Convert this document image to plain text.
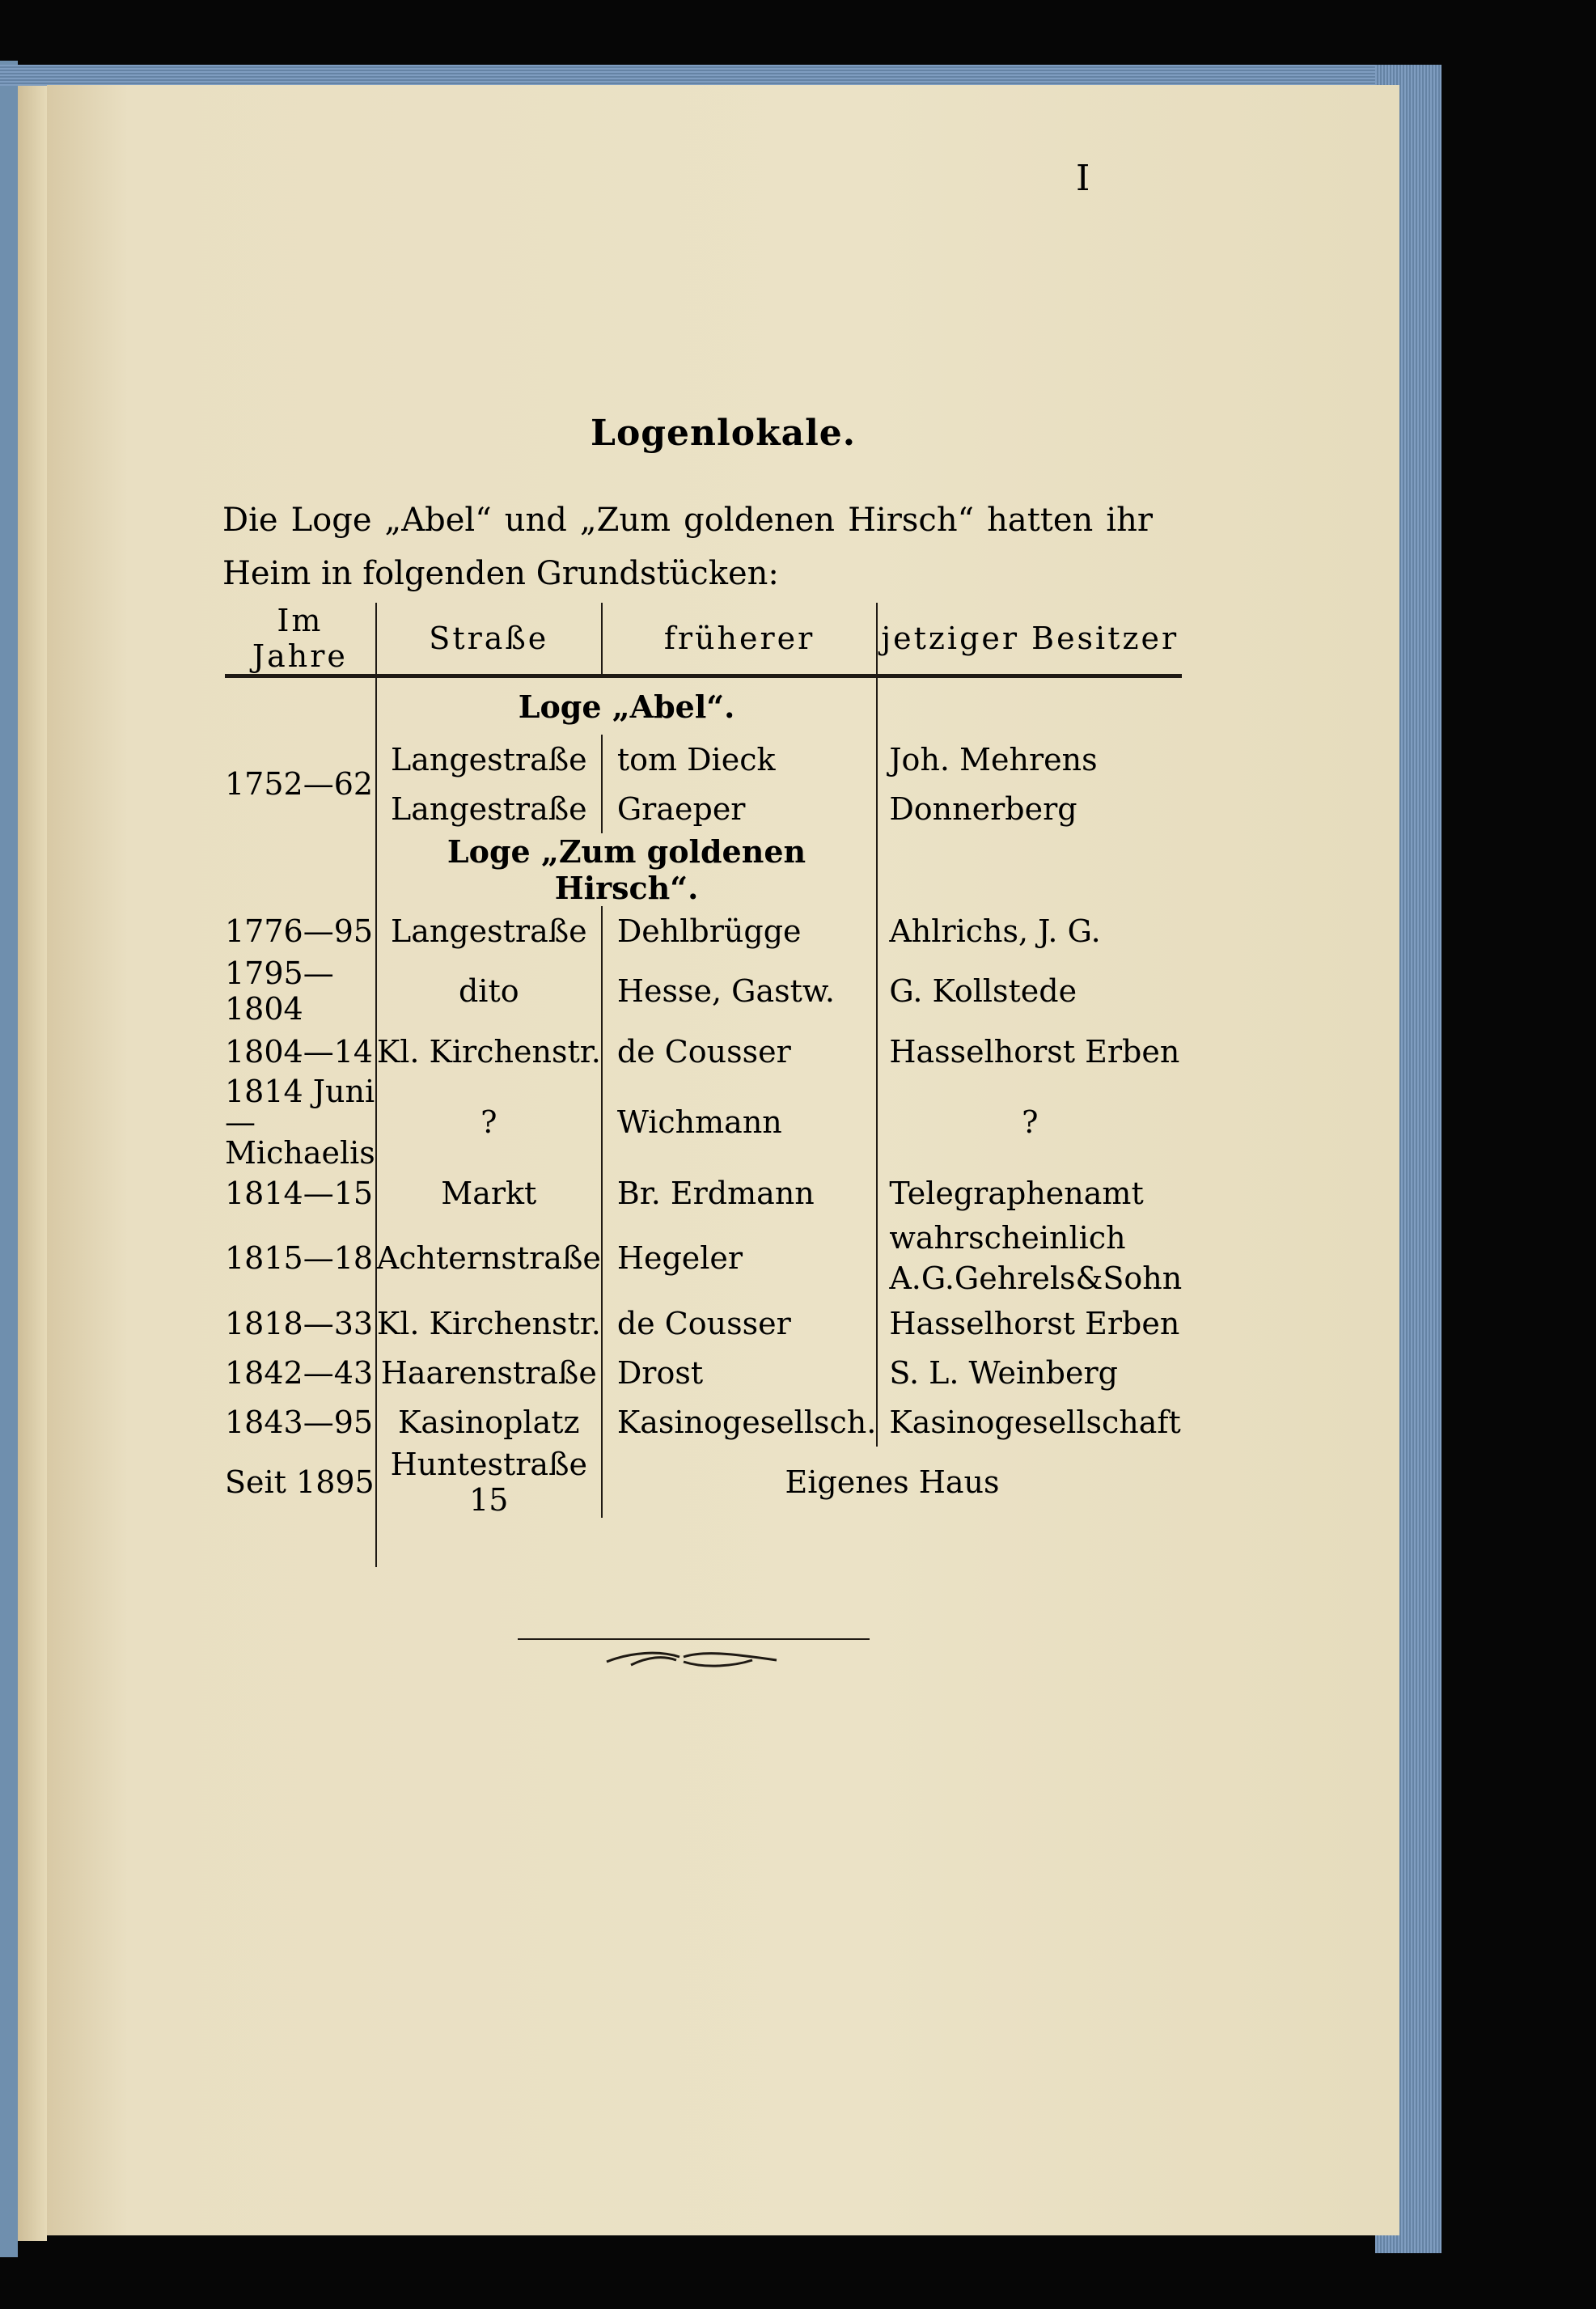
I
Logenlokale.
Die Loge „Abel“ und „Zum goldenen Hirsch“ hatten ihr Heim in folgenden Grundstücken:
Im Jahre	Straße	früherer	jetziger Besitzer
	Loge „Abel“.		
1752—62	Langestraße	tom Dieck	Joh. Mehrens
	Langestraße	Graeper	Donnerberg
	Loge „Zum goldenen Hirsch“.		
1776—95	Langestraße	Dehlbrügge	Ahlrichs, J. G.
1795—1804	dito	Hesse, Gastw.	G. Kollstede
1804—14	Kl. Kirchenstr.	de Cousser	Hasselhorst Erben
1814 Juni—Michaelis	?	Wichmann	?
1814—15	Markt	Br. Erdmann	Telegraphenamt
1815—18	Achternstraße	Hegeler	wahrscheinlich A.G.Gehrels&Sohn
1818—33	Kl. Kirchenstr.	de Cousser	Hasselhorst Erben
1842—43	Haarenstraße	Drost	S. L. Weinberg
1843—95	Kasinoplatz	Kasinogesellsch.	Kasinogesellschaft
Seit 1895	Huntestraße 15	Eigenes Haus	
